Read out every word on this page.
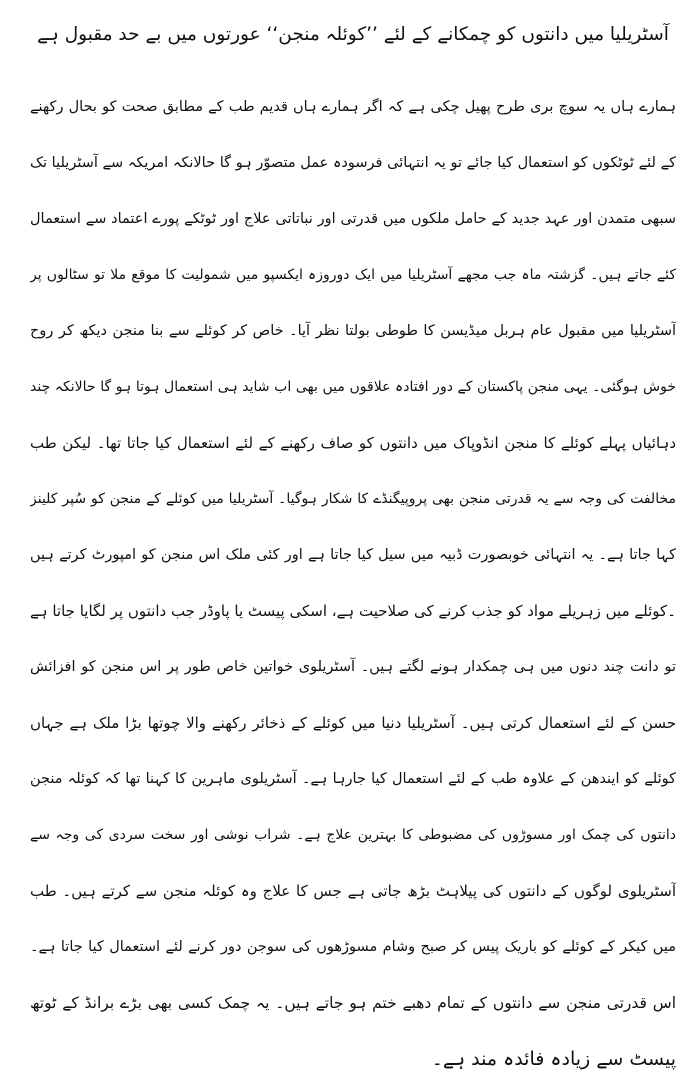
آسٹریلیا میں دانتوں کو چمکانے کے لئے ’’کوئلہ منجن‘‘ عورتوں میں بے حد مقبول ہے
ہمارے ہاں یہ سوچ بری طرح پھیل چکی ہے کہ اگر ہمارے ہاں قدیم طب کے مطابق صحت کو بحال رکھنے
کے لئے ٹوٹکوں کو استعمال کیا جائے تو یہ انتہائی فرسودہ عمل متصوّر ہو گا حالانکہ امریکہ سے آسٹریلیا تک
سبھی متمدن اور عہد جدید کے حامل ملکوں میں قدرتی اور نباتاتی علاج اور ٹوٹکے پورے اعتماد سے استعمال
کئے جاتے ہیں۔ گزشتہ ماہ جب مجھے آسٹریلیا میں ایک دوروزہ ایکسپو میں شمولیت کا موقع ملا تو سٹالوں پر
آسٹریلیا میں مقبول عام ہربل میڈیسن کا طوطی بولتا نظر آیا۔ خاص کر کوئلے سے بنا منجن دیکھ کر روح
خوش ہوگئی۔ یہی منجن پاکستان کے دور افتادہ علاقوں میں بھی اب شاید ہی استعمال ہوتا ہو گا حالانکہ چند
دہائیاں پہلے کوئلے کا منجن انڈوپاک میں دانتوں کو صاف رکھنے کے لئے استعمال کیا جاتا تھا۔ لیکن طب
مخالفت کی وجہ سے یہ قدرتی منجن بھی پروپیگنڈے کا شکار ہوگیا۔ آسٹریلیا میں کوئلے کے منجن کو سُپر کلینز
کہا جاتا ہے۔ یہ انتہائی خوبصورت ڈبیہ میں سیل کیا جاتا ہے اور کئی ملک اس منجن کو امپورٹ کرتے ہیں
۔کوئلے میں زہریلے مواد کو جذب کرنے کی صلاحیت ہے، اسکی پیسٹ یا پاوڈر جب دانتوں پر لگایا جاتا ہے
تو دانت چند دنوں میں ہی چمکدار ہونے لگتے ہیں۔ آسٹریلوی خواتین خاص طور پر اس منجن کو افزائش
حسن کے لئے استعمال کرتی ہیں۔ آسٹریلیا دنیا میں کوئلے کے ذخائر رکھنے والا چوتھا بڑا ملک ہے جہاں
کوئلے کو ایندھن کے علاوہ طب کے لئے استعمال کیا جارہا ہے۔ آسٹریلوی ماہرین کا کہنا تھا کہ کوئلہ منجن
دانتوں کی چمک اور مسوڑوں کی مضبوطی کا بہترین علاج ہے۔ شراب نوشی اور سخت سردی کی وجہ سے
آسٹریلوی لوگوں کے دانتوں کی پیلاہٹ بڑھ جاتی ہے جس کا علاج وہ کوئلہ منجن سے کرتے ہیں۔ طب
میں کیکر کے کوئلے کو باریک پیس کر صبح وشام مسوڑھوں کی سوجن دور کرنے لئے استعمال کیا جاتا ہے۔
اس قدرتی منجن سے دانتوں کے تمام دھبے ختم ہو جاتے ہیں۔ یہ چمک کسی بھی بڑے برانڈ کے ٹوتھ
پیسٹ سے زیادہ فائدہ مند ہے۔
